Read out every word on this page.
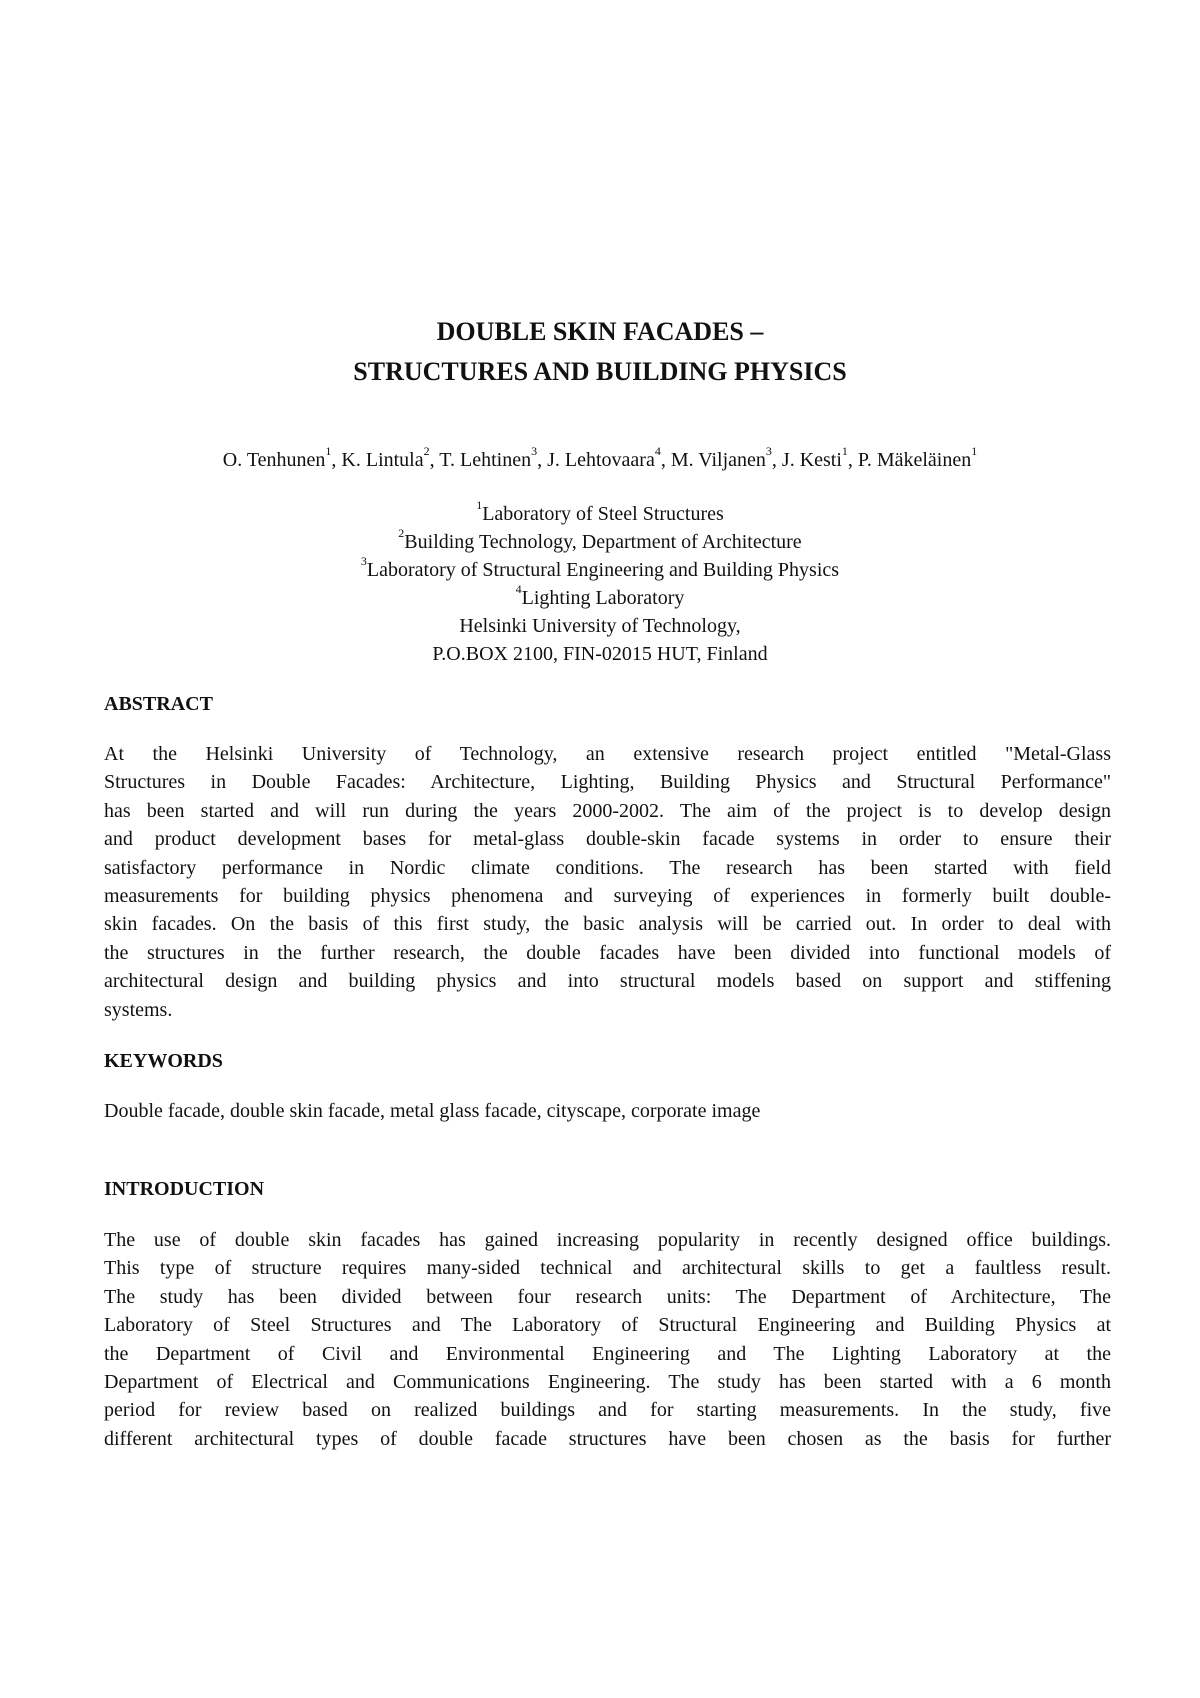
DOUBLE SKIN FACADES –
STRUCTURES AND BUILDING PHYSICS
O. Tenhunen$^1$, K. Lintula$^2$, T. Lehtinen$^3$, J. Lehtovaara$^4$, M. Viljanen$^3$, J. Kesti$^1$, P. Mäkeläinen$^1$
$^1$Laboratory of Steel Structures
$^2$Building Technology, Department of Architecture
$^3$Laboratory of Structural Engineering and Building Physics
$^4$Lighting Laboratory
Helsinki University of Technology,
P.O.BOX 2100, FIN-02015 HUT, Finland
ABSTRACT
At the Helsinki University of Technology, an extensive research project entitled "Metal-Glass
Structures in Double Facades: Architecture, Lighting, Building Physics and Structural Performance"
has been started and will run during the years 2000-2002. The aim of the project is to develop design
and product development bases for metal-glass double-skin facade systems in order to ensure their
satisfactory performance in Nordic climate conditions. The research has been started with field
measurements for building physics phenomena and surveying of experiences in formerly built double-
skin facades. On the basis of this first study, the basic analysis will be carried out. In order to deal with
the structures in the further research, the double facades have been divided into functional models of
architectural design and building physics and into structural models based on support and stiffening
systems.
KEYWORDS
Double facade, double skin facade, metal glass facade, cityscape, corporate image
INTRODUCTION
The use of double skin facades has gained increasing popularity in recently designed office buildings.
This type of structure requires many-sided technical and architectural skills to get a faultless result.
The study has been divided between four research units: The Department of Architecture, The
Laboratory of Steel Structures and The Laboratory of Structural Engineering and Building Physics at
the Department of Civil and Environmental Engineering and The Lighting Laboratory at the
Department of Electrical and Communications Engineering. The study has been started with a 6 month
period for review based on realized buildings and for starting measurements. In the study, five
different architectural types of double facade structures have been chosen as the basis for further
